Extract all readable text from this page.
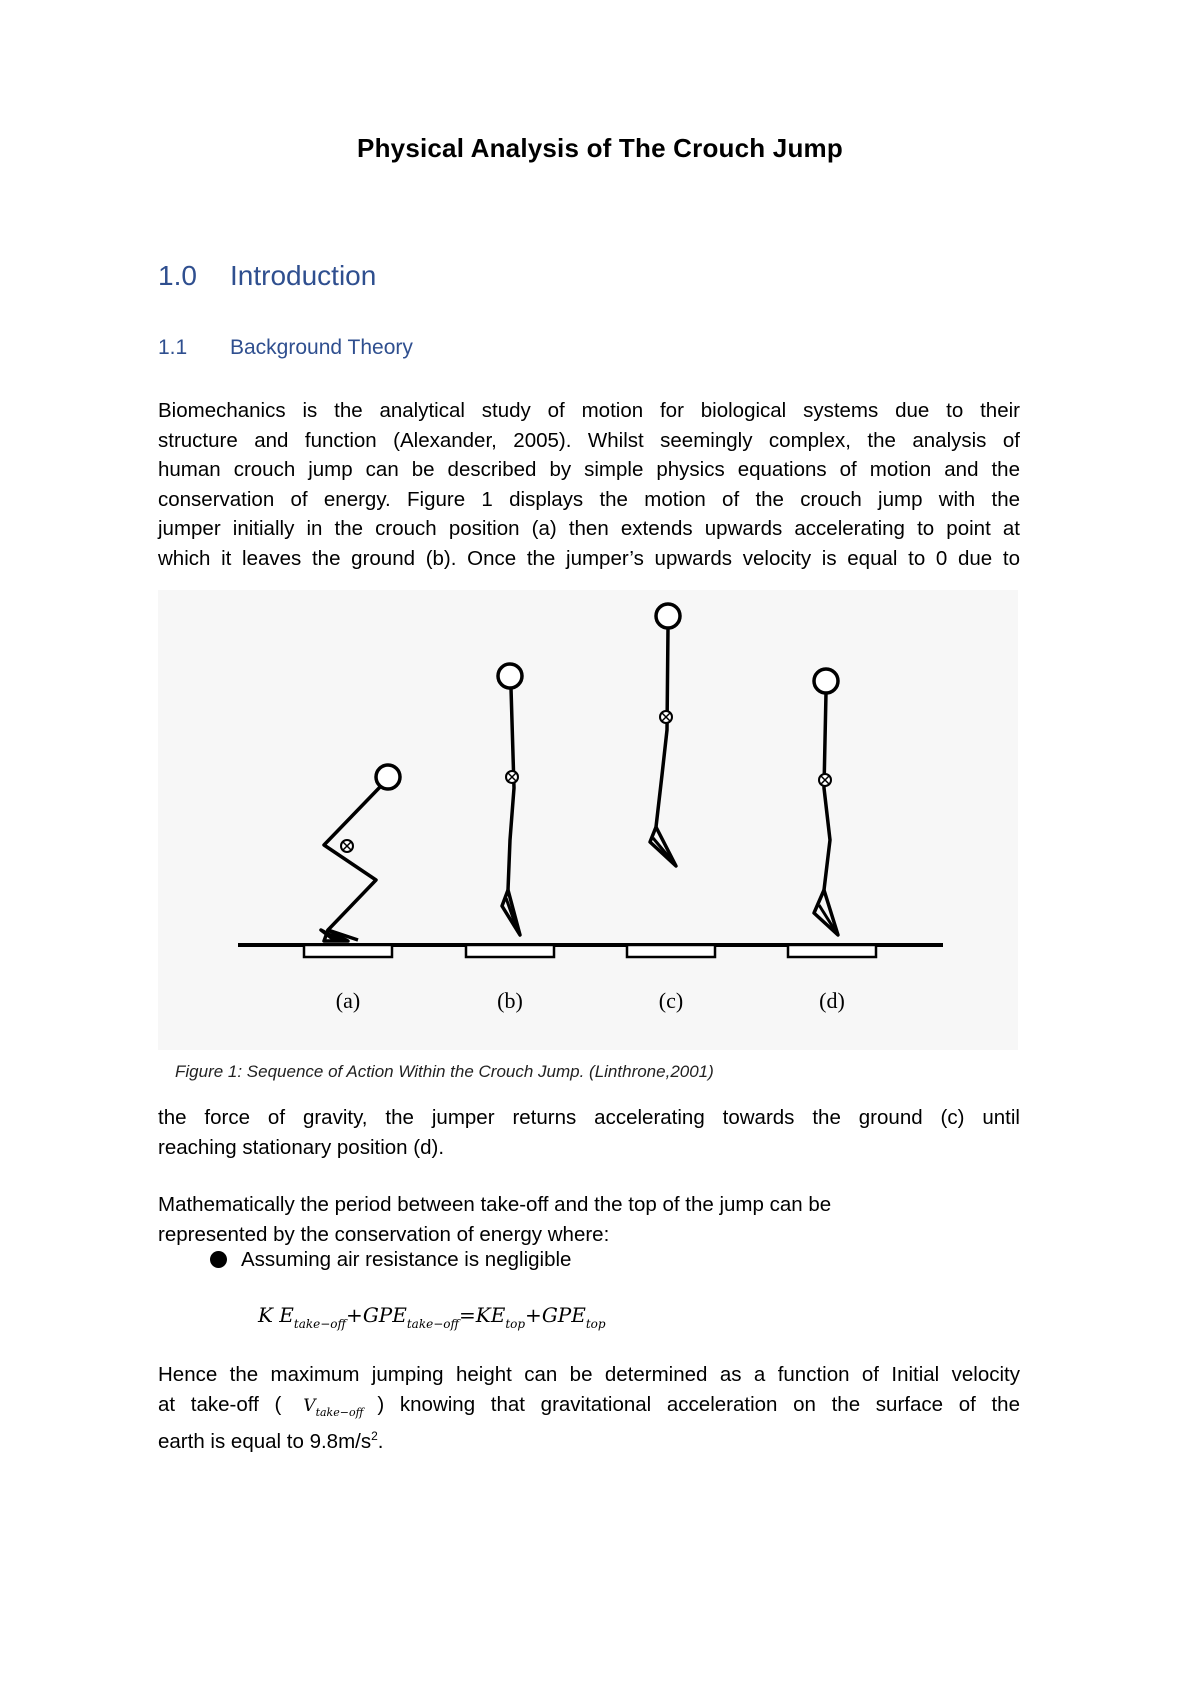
Physical Analysis of The Crouch Jump
1.0 Introduction
1.1 Background Theory
Biomechanics is the analytical study of motion for biological systems due to their
structure and function (Alexander, 2005). Whilst seemingly complex, the analysis of
human crouch jump can be described by simple physics equations of motion and the
conservation of energy. Figure 1 displays the motion of the crouch jump with the
jumper initially in the crouch position (a) then extends upwards accelerating to point at
which it leaves the ground (b). Once the jumper’s upwards velocity is equal to 0 due to
(a)	(b)	(c)	(d)
Figure 1: Sequence of Action Within the Crouch Jump. (Linthrone,2001)
the force of gravity, the jumper returns accelerating towards the ground (c) until
reaching stationary position (d).
Mathematically the period between take-off and the top of the jump can be
represented by the conservation of energy where:
Assuming air resistance is negligible
K $E_{take-off}+GPE_{take-off}=KE_{top}+GPE_{top}$
Hence the maximum jumping height can be determined as a function of Initial velocity
at take-off ( $V_{take-off}$ ) knowing that gravitational acceleration on the surface of the
earth is equal to $9.8m/s^2$.
